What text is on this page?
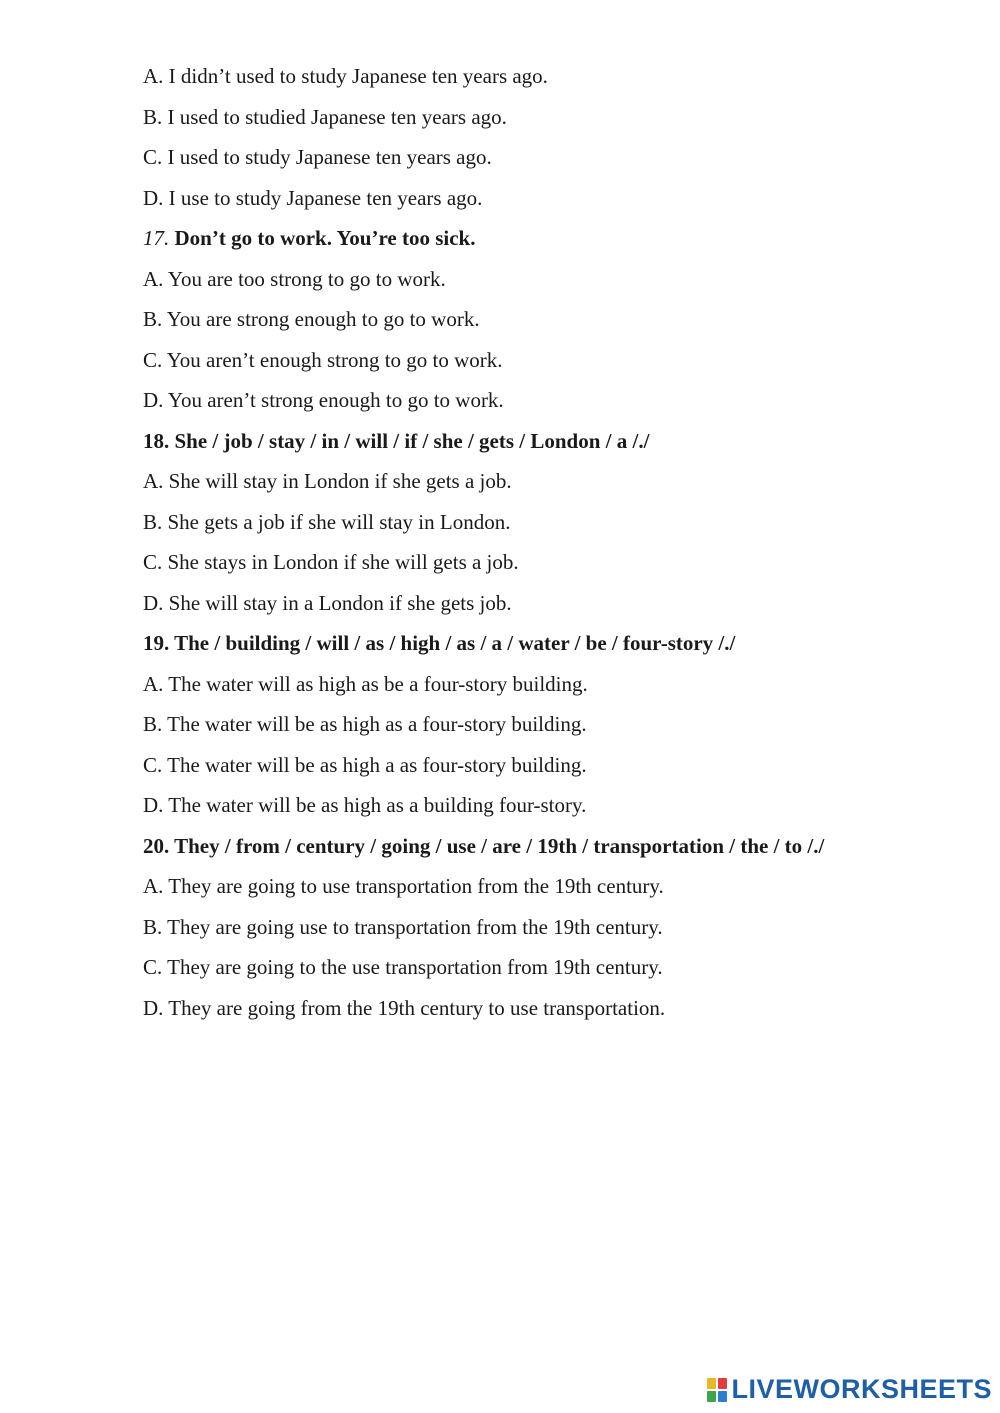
A. I didn’t used to study Japanese ten years ago.
B. I used to studied Japanese ten years ago.
C. I used to study Japanese ten years ago.
D. I use to study Japanese ten years ago.
17. Don’t go to work. You’re too sick.
A. You are too strong to go to work.
B. You are strong enough to go to work.
C. You aren’t enough strong to go to work.
D. You aren’t strong enough to go to work.
18. She / job / stay / in / will / if / she / gets / London / a /./
A. She will stay in London if she gets a job.
B. She gets a job if she will stay in London.
C. She stays in London if she will gets a job.
D. She will stay in a London if she gets job.
19. The / building / will / as / high / as / a / water / be / four-story /./
A. The water will as high as be a four-story building.
B. The water will be as high as a four-story building.
C. The water will be as high a as four-story building.
D. The water will be as high as a building four-story.
20. They / from / century / going / use / are / 19th / transportation / the / to /./
A. They are going to use transportation from the 19th century.
B. They are going use to transportation from the 19th century.
C. They are going to the use transportation from 19th century.
D. They are going from the 19th century to use transportation.
LIVEWORKSHEETS
